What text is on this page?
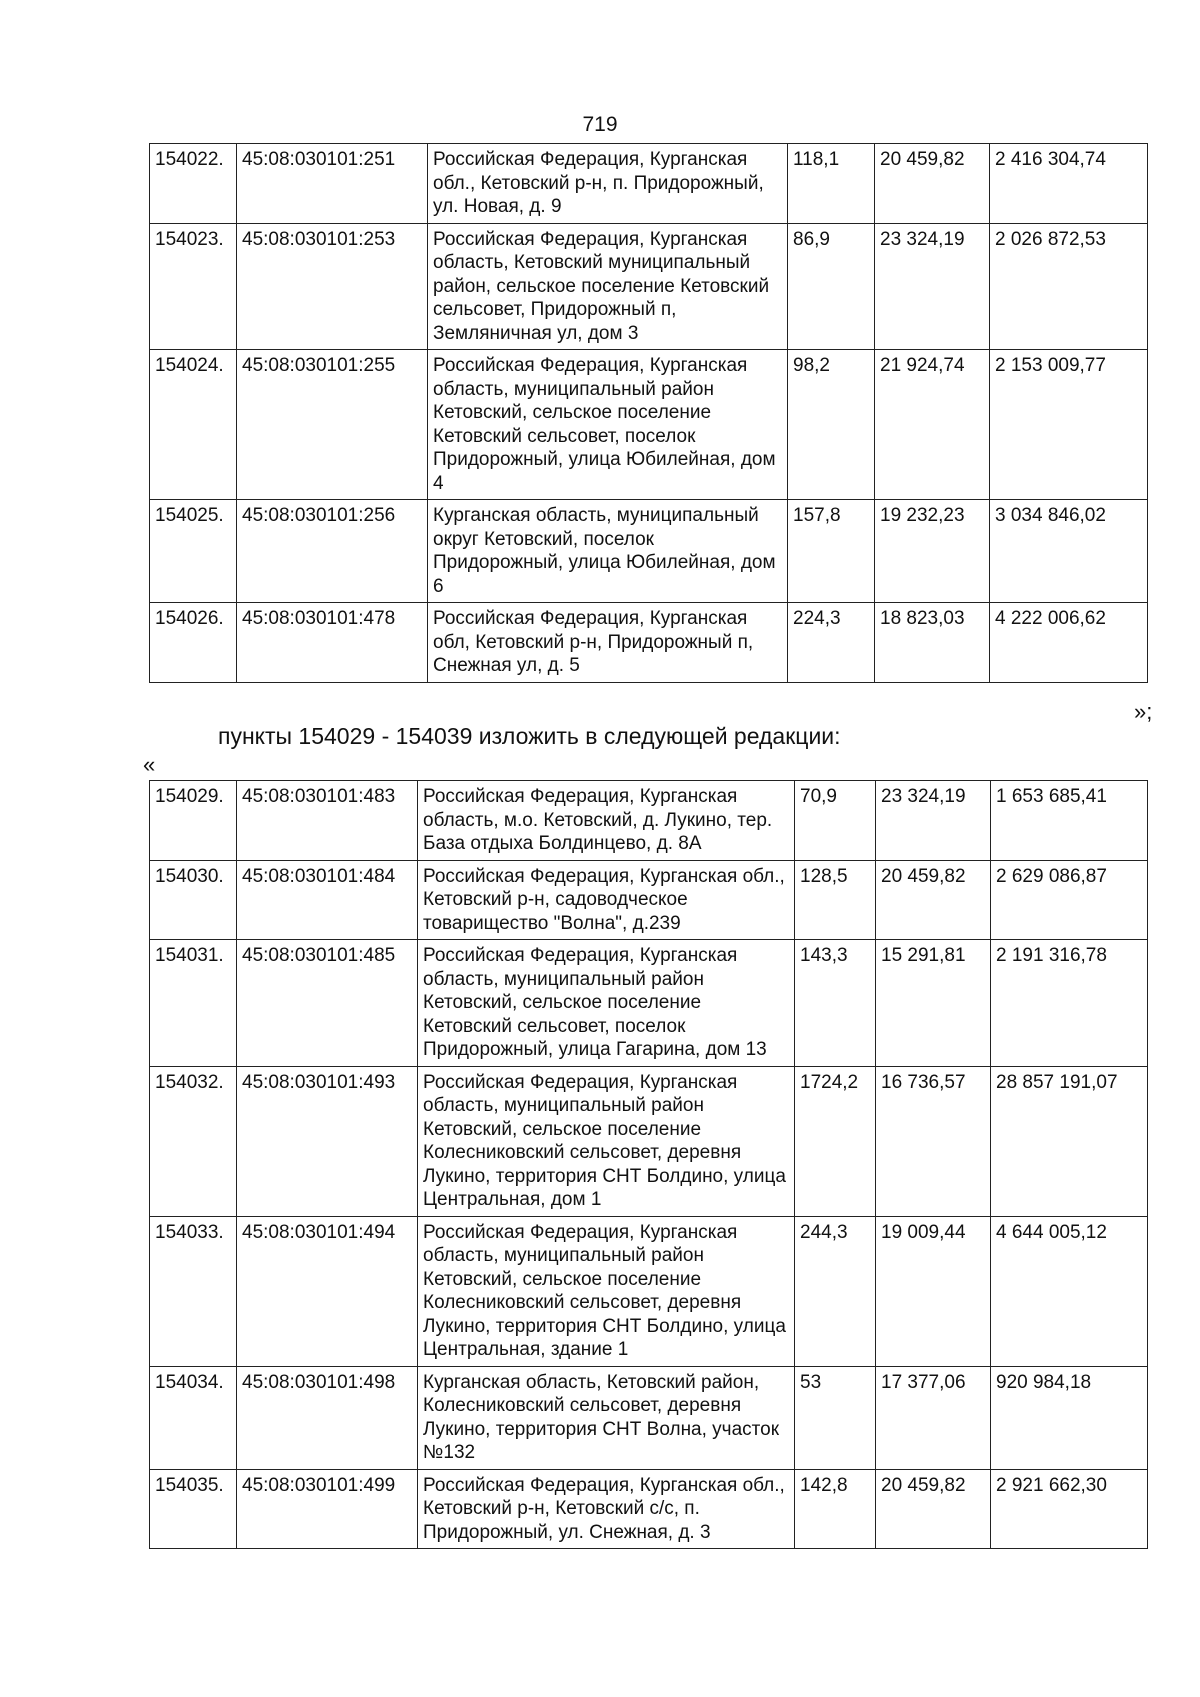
719
154022.	45:08:030101:251	Российская Федерация, Курганская обл., Кетовский р-н, п. Придорожный, ул. Новая, д. 9	118,1	20 459,82	2 416 304,74
154023.	45:08:030101:253	Российская Федерация, Курганская область, Кетовский муниципальный район, сельское поселение Кетовский сельсовет, Придорожный п, Земляничная ул, дом 3	86,9	23 324,19	2 026 872,53
154024.	45:08:030101:255	Российская Федерация, Курганская область, муниципальный район Кетовский, сельское поселение Кетовский сельсовет, поселок Придорожный, улица Юбилейная, дом 4	98,2	21 924,74	2 153 009,77
154025.	45:08:030101:256	Курганская область, муниципальный округ Кетовский, поселок Придорожный, улица Юбилейная, дом 6	157,8	19 232,23	3 034 846,02
154026.	45:08:030101:478	Российская Федерация, Курганская обл, Кетовский р-н, Придорожный п, Снежная ул, д. 5	224,3	18 823,03	4 222 006,62
»;
пункты 154029 - 154039 изложить в следующей редакции:
«
154029.	45:08:030101:483	Российская Федерация, Курганская область, м.о. Кетовский, д. Лукино, тер. База отдыха Болдинцево, д. 8А	70,9	23 324,19	1 653 685,41
154030.	45:08:030101:484	Российская Федерация, Курганская обл., Кетовский р-н, садоводческое товарищество "Волна", д.239	128,5	20 459,82	2 629 086,87
154031.	45:08:030101:485	Российская Федерация, Курганская область, муниципальный район Кетовский, сельское поселение Кетовский сельсовет, поселок Придорожный, улица Гагарина, дом 13	143,3	15 291,81	2 191 316,78
154032.	45:08:030101:493	Российская Федерация, Курганская область, муниципальный район Кетовский, сельское поселение Колесниковский сельсовет, деревня Лукино, территория СНТ Болдино, улица Центральная, дом 1	1724,2	16 736,57	28 857 191,07
154033.	45:08:030101:494	Российская Федерация, Курганская область, муниципальный район Кетовский, сельское поселение Колесниковский сельсовет, деревня Лукино, территория СНТ Болдино, улица Центральная, здание 1	244,3	19 009,44	4 644 005,12
154034.	45:08:030101:498	Курганская область, Кетовский район, Колесниковский сельсовет, деревня Лукино, территория СНТ Волна, участок №132	53	17 377,06	920 984,18
154035.	45:08:030101:499	Российская Федерация, Курганская обл., Кетовский р-н, Кетовский с/с, п. Придорожный, ул. Снежная, д. 3	142,8	20 459,82	2 921 662,30
